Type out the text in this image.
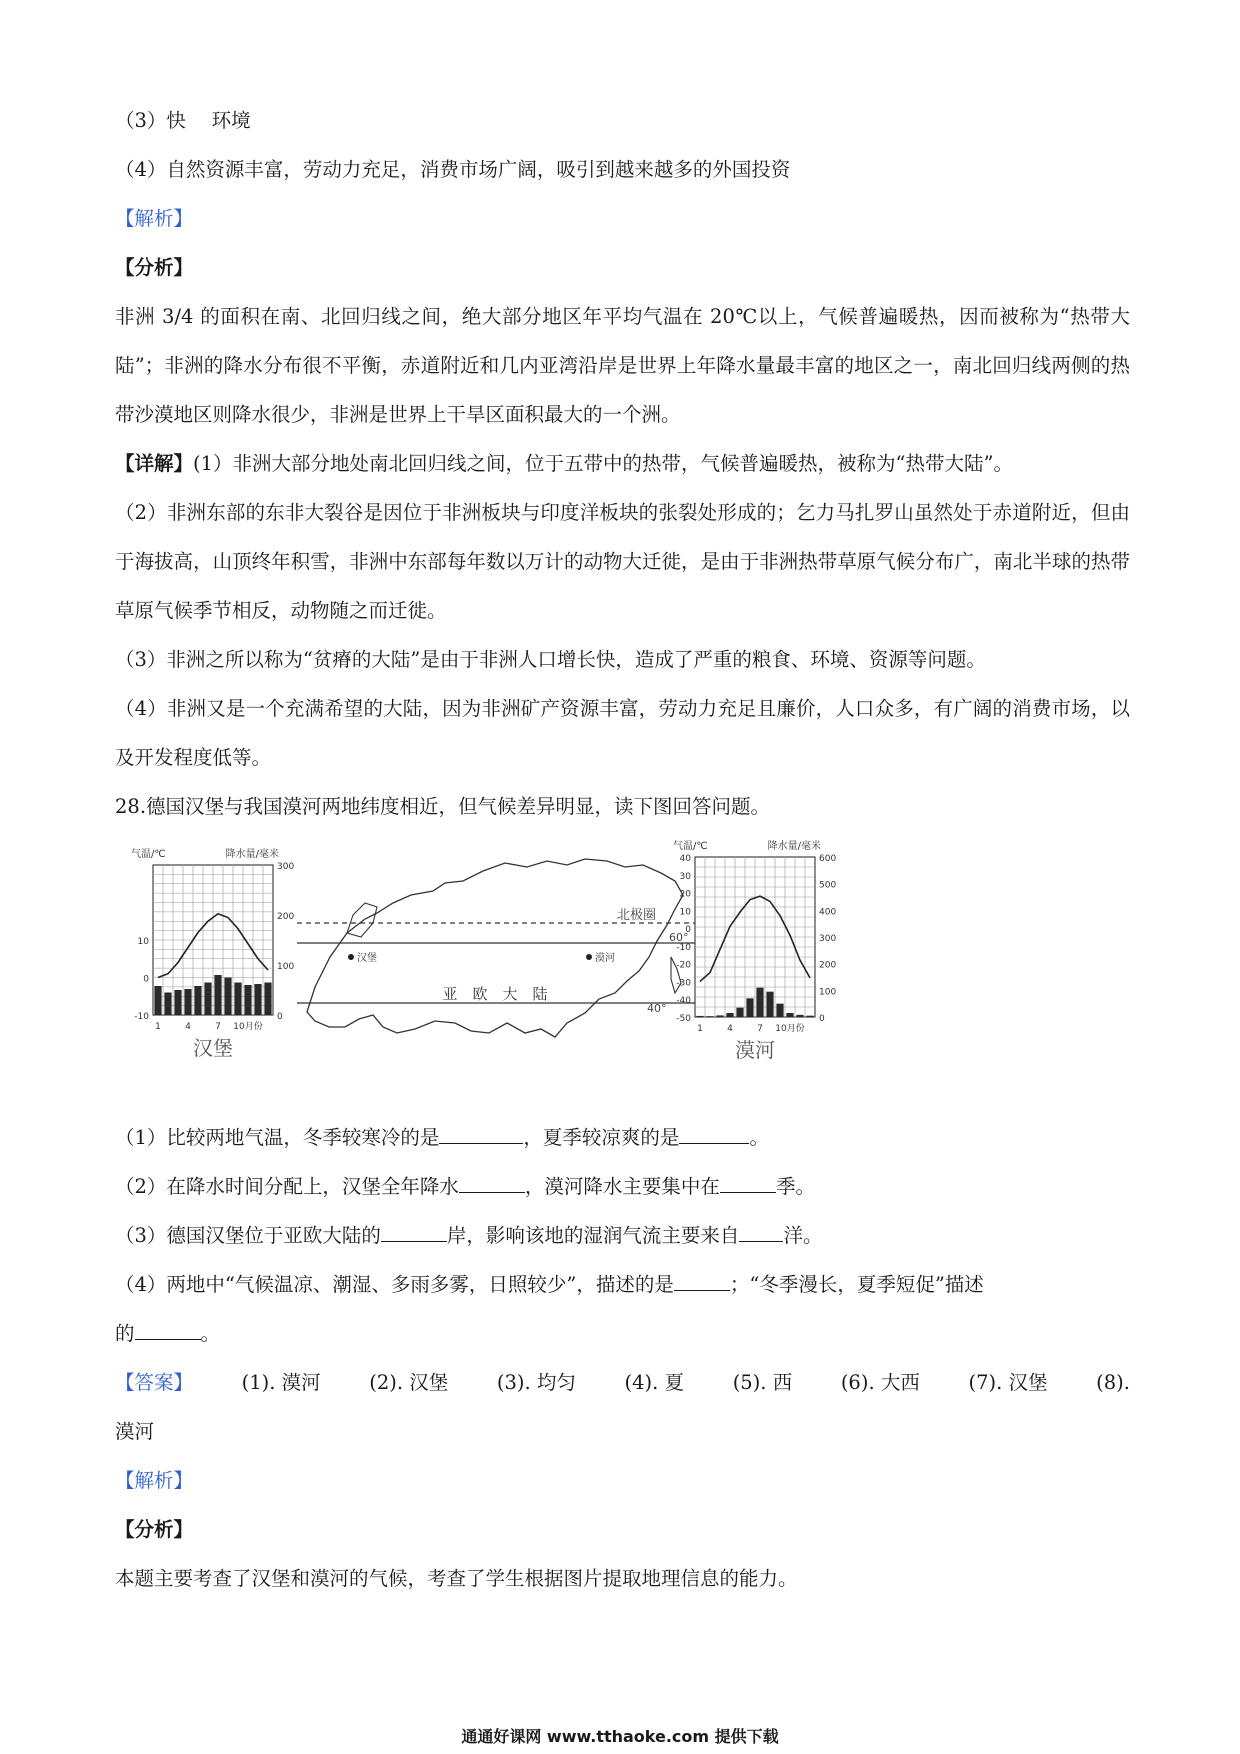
（3）快　 环境

（4）自然资源丰富，劳动力充足，消费市场广阔，吸引到越来越多的外国投资

【解析】

【分析】

非洲 3/4 的面积在南、北回归线之间，绝大部分地区年平均气温在 20℃以上，气候普遍暖热，因而被称为“热带大陆”；非洲的降水分布很不平衡，赤道附近和几内亚湾沿岸是世界上年降水量最丰富的地区之一，南北回归线两侧的热带沙漠地区则降水很少，非洲是世界上干旱区面积最大的一个洲。

【详解】(1）非洲大部分地处南北回归线之间，位于五带中的热带，气候普遍暖热，被称为“热带大陆”。

（2）非洲东部的东非大裂谷是因位于非洲板块与印度洋板块的张裂处形成的；乞力马扎罗山虽然处于赤道附近，但由于海拔高，山顶终年积雪，非洲中东部每年数以万计的动物大迁徙，是由于非洲热带草原气候分布广，南北半球的热带草原气候季节相反，动物随之而迁徙。

（3）非洲之所以称为“贫瘠的大陆”是由于非洲人口增长快，造成了严重的粮食、环境、资源等问题。

（4）非洲又是一个充满希望的大陆，因为非洲矿产资源丰富，劳动力充足且廉价，人口众多，有广阔的消费市场，以及开发程度低等。

28.德国汉堡与我国漠河两地纬度相近，但气候差异明显，读下图回答问题。

10
0
-10
300
200
100
0
1	4	7 10月份
气温/℃	降水量/毫米
汉堡
40
30
20
10
0
-10
-20
-30
-40
-50
600
500
400
300
200
100
0
1	4	7 10月份
气温/℃	降水量/毫米
漠河
北极圈
60°
40°
汉堡	漠河
亚　欧　大　陆

（1）比较两地气温，冬季较寒冷的是	，夏季较凉爽的是	。

（2）在降水时间分配上，汉堡全年降水	，漠河降水主要集中在	季。

（3）德国汉堡位于亚欧大陆的	岸，影响该地的湿润气流主要来自 洋。

（4）两地中“气候温凉、潮湿、多雨多雾，日照较少”，描述的是	；“冬季漫长，夏季短促”描述

的	。

【答案】 (1). 漠河 (2). 汉堡 (3). 均匀 (4). 夏 (5). 西 (6). 大西 (7). 汉堡 (8).

漠河

【解析】

【分析】

本题主要考查了汉堡和漠河的气候，考查了学生根据图片提取地理信息的能力。

通通好课网 www.tthaoke.com 提供下载
